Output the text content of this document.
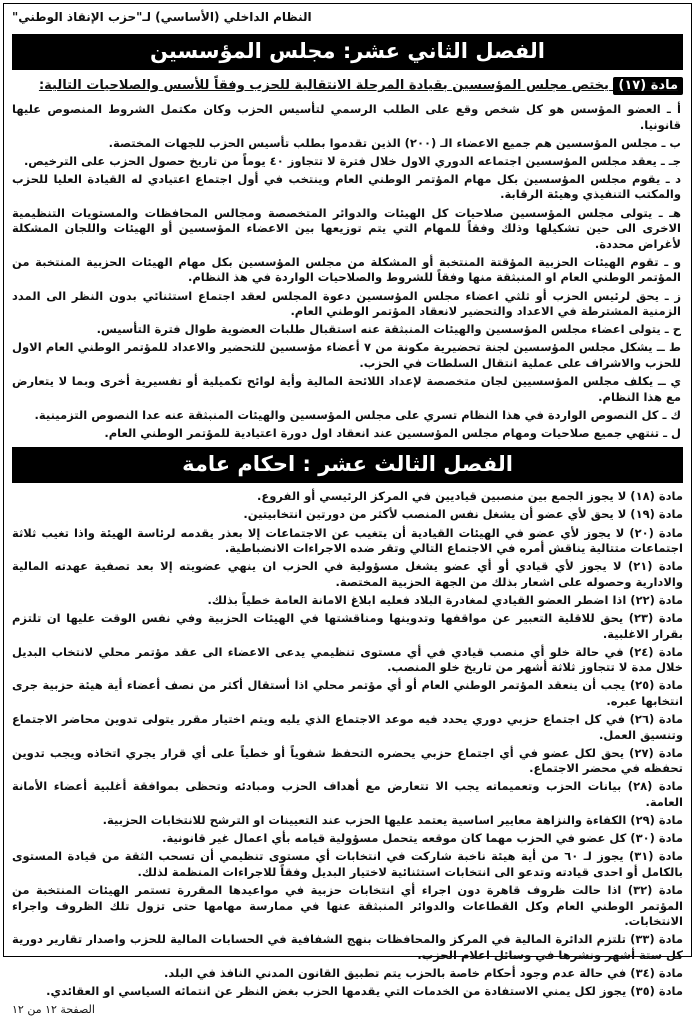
النظام الداخلي (الأساسي) لـ"حزب الإنقاذ الوطني"
الفصل الثاني عشر: مجلس المؤسسين

مادة (١٧) يختص مجلس المؤسسين بقيادة المرحلة الانتقالية للحزب وفقاً للأسس والصلاحيات التالية:

أ ـ العضو المؤسس هو كل شخص وقع على الطلب الرسمي لتأسيس الحزب وكان مكتمل الشروط المنصوص عليها قانونيا.

ب ـ مجلس المؤسسين هم جميع الاعضاء الـ (٢٠٠) الذين تقدموا بطلب تأسيس الحزب للجهات المختصة.

جـ ـ يعقد مجلس المؤسسين اجتماعه الدوري الاول خلال فترة لا تتجاوز ٤٠ يوماً من تاريخ حصول الحزب على الترخيص.

د ـ يقوم مجلس المؤسسين بكل مهام المؤتمر الوطني العام وينتخب في أول اجتماع اعتيادي له القيادة العليا للحزب والمكتب التنفيذي وهيئة الرقابة.

هـ ـ يتولى مجلس المؤسسين صلاحيات كل الهيئات والدوائر المتخصصة ومجالس المحافظات والمستويات التنظيمية الاخرى الى حين تشكيلها وذلك وفقاً للمهام التي يتم توزيعها بين الاعضاء المؤسسين أو الهيئات واللجان المشكلة لأغراض محددة.

و ـ تقوم الهيئات الحزبية المؤقتة المنتخبة أو المشكلة من مجلس المؤسسين بكل مهام الهيئات الحزبية المنتخبة من المؤتمر الوطني العام او المنبثقة منها وفقاً للشروط والصلاحيات الواردة في هذ النظام.

ز ـ يحق لرئيس الحزب أو ثلثي اعضاء مجلس المؤسسين دعوة المجلس لعقد اجتماع استثنائي بدون النظر الى المدد الزمنية المشترطة في الاعداد والتحضير لانعقاد المؤتمر الوطني العام.

ح ـ يتولى اعضاء مجلس المؤسسين والهيئات المنبثقة عنه استقبال طلبات العضوية طوال فترة التأسيس.

ط ــ يشكل مجلس المؤسسين لجنة تحضيرية مكونة من ٧ أعضاء مؤسسين للتحضير والاعداد للمؤتمر الوطني العام الاول للحزب والاشراف على عملية انتقال السلطات في الحزب.

ي ــ يكلف مجلس المؤسسيين لجان متخصصة لإعداد اللائحة المالية وأية لوائح تكميلية أو تفسيرية أخرى وبما لا يتعارض مع هذا النظام.

ك ـ كل النصوص الواردة في هذا النظام تسري على مجلس المؤسسين والهيئات المنبثقة عنه عدا النصوص التزمينية.

ل ـ تنتهي جميع صلاحيات ومهام مجلس المؤسسين عند انعقاد اول دورة اعتيادية للمؤتمر الوطني العام.

الفصل الثالث عشر : احكام عامة

مادة (١٨) لا يجوز الجمع بين منصبين قياديين في المركز الرئيسي أو الفروع.

مادة (١٩) لا يحق لأي عضو أن يشغل نفس المنصب لأكثر من دورتين انتخابيتين.

مادة (٢٠) لا يجوز لأي عضو في الهيئات القيادية أن يتغيب عن الاجتماعات إلا بعذر يقدمه لرئاسة الهيئة واذا تغيب ثلاثة اجتماعات متتالية يناقش أمره في الاجتماع التالي وتقر ضده الاجراءات الانضباطية.

مادة (٢١) لا يجوز لأي قيادي أو أي عضو يشغل مسؤولية في الحزب ان ينهي عضويته إلا بعد تصفية عهدته المالية والادارية وحصوله على اشعار بذلك من الجهة الحزبية المختصة.

مادة (٢٢) اذا اضطر العضو القيادي لمغادرة البلاد فعليه ابلاغ الامانة العامة خطياً بذلك.

مادة (٢٣) يحق للاقلية التعبير عن مواقفها وتدوينها ومناقشتها في الهيئات الحزبية وفي نفس الوقت عليها ان تلتزم بقرار الاغلبية.

مادة (٢٤) في حالة خلو أي منصب قيادي في أي مستوى تنظيمي يدعى الاعضاء الى عقد مؤتمر محلي لانتخاب البديل خلال مدة لا تتجاوز ثلاثة أشهر من تاريخ خلو المنصب.

مادة (٢٥) يجب أن ينعقد المؤتمر الوطني العام أو أي مؤتمر محلي اذا أستقال أكثر من نصف أعضاء أية هيئة حزبية جرى انتخابها عبره.

مادة (٢٦) في كل اجتماع حزبي دوري يحدد فيه موعد الاجتماع الذي يليه ويتم اختيار مقرر يتولى تدوين محاضر الاجتماع وتنسيق العمل.

مادة (٢٧) يحق لكل عضو في أي اجتماع حزبي يحضره التحفظ شفوياً أو خطياً على أي قرار يجري اتخاذه ويجب تدوين تحفظه في محضر الاجتماع.

مادة (٢٨) بيانات الحزب وتعميماته يجب الا تتعارض مع أهداف الحزب ومبادئه وتحظى بموافقة أغلبية أعضاء الأمانة العامة.

مادة (٢٩) الكفاءة والنزاهة معايير اساسية يعتمد عليها الحزب عند التعيينات او الترشح للانتخابات الحزبية.

مادة (٣٠) كل عضو في الحزب مهما كان موقعه يتحمل مسؤولية قيامه بأي اعمال غير قانونية.

مادة (٣١) يجوز لـ ٦٠ من أية هيئة ناخبة شاركت في انتخابات أي مستوى تنظيمي أن تسحب الثقة من قيادة المستوى بالكامل أو احدى قيادته وتدعو الى انتخابات استثنائية لاختيار البديل وفقاً للاجراءات المنظمة لذلك.

مادة (٣٢) اذا حالت ظروف قاهرة دون اجراء أي انتخابات حزبية في مواعيدها المقررة تستمر الهيئات المنتخبة من المؤتمر الوطني العام وكل القطاعات والدوائر المنبثقة عنها في ممارسة مهامها حتى تزول تلك الظروف واجراء الانتخابات.

مادة (٣٣) تلتزم الدائرة المالية في المركز والمحافظات بنهج الشفافية في الحسابات المالية للحزب واصدار تقارير دورية كل ستة أشهر ونشرها في وسائل اعلام الحزب.

مادة (٣٤) في حالة عدم وجود أحكام خاصة بالحزب يتم تطبيق القانون المدني النافذ في البلد.

مادة (٣٥) يجوز لكل يمني الاستفادة من الخدمات التي يقدمها الحزب بغض النظر عن انتمائه السياسي او العقائدي.

الصفحة ١٢ من ١٢
